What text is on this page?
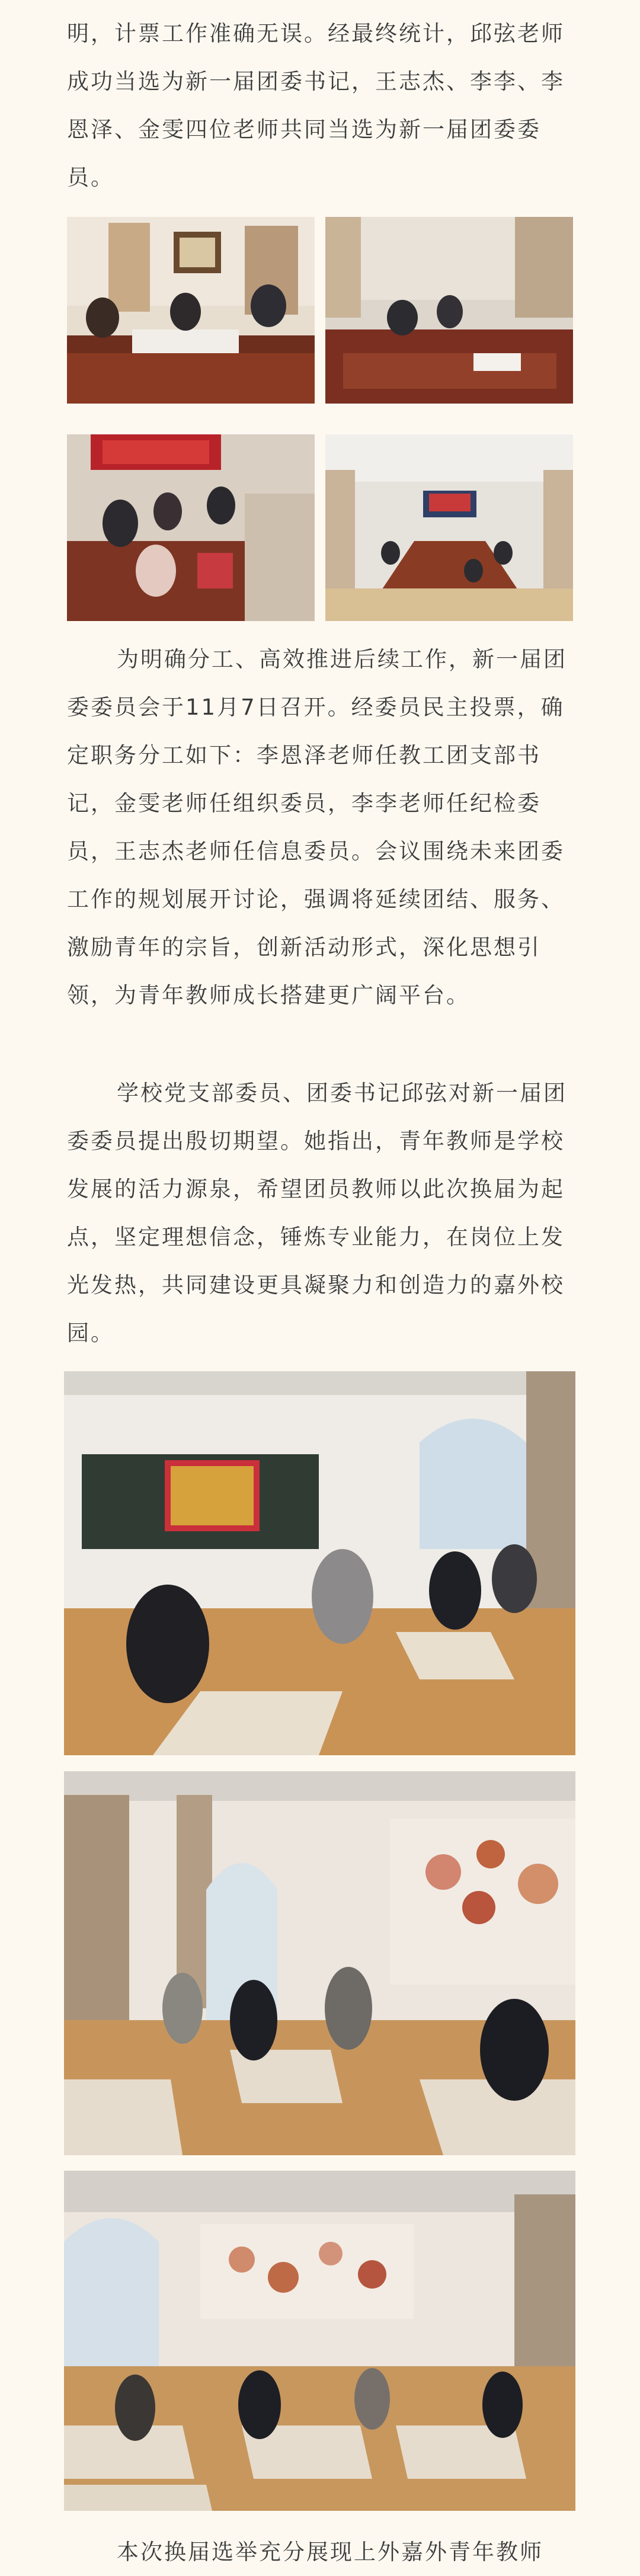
明，计票工作准确无误。经最终统计，邱弦老师成功当选为新一届团委书记，王志杰、李李、李恩泽、金雯四位老师共同当选为新一届团委委员。

为明确分工、高效推进后续工作，新一届团委委员会于11月7日召开。经委员民主投票，确定职务分工如下：李恩泽老师任教工团支部书记，金雯老师任组织委员，李李老师任纪检委员，王志杰老师任信息委员。会议围绕未来团委工作的规划展开讨论，强调将延续团结、服务、激励青年的宗旨，创新活动形式，深化思想引领，为青年教师成长搭建更广阔平台。

学校党支部委员、团委书记邱弦对新一届团委委员提出殷切期望。她指出，青年教师是学校发展的活力源泉，希望团员教师以此次换届为起点，坚定理想信念，锤炼专业能力，在岗位上发光发热，共同建设更具凝聚力和创造力的嘉外校园。

本次换届选举充分展现上外嘉外青年教师
